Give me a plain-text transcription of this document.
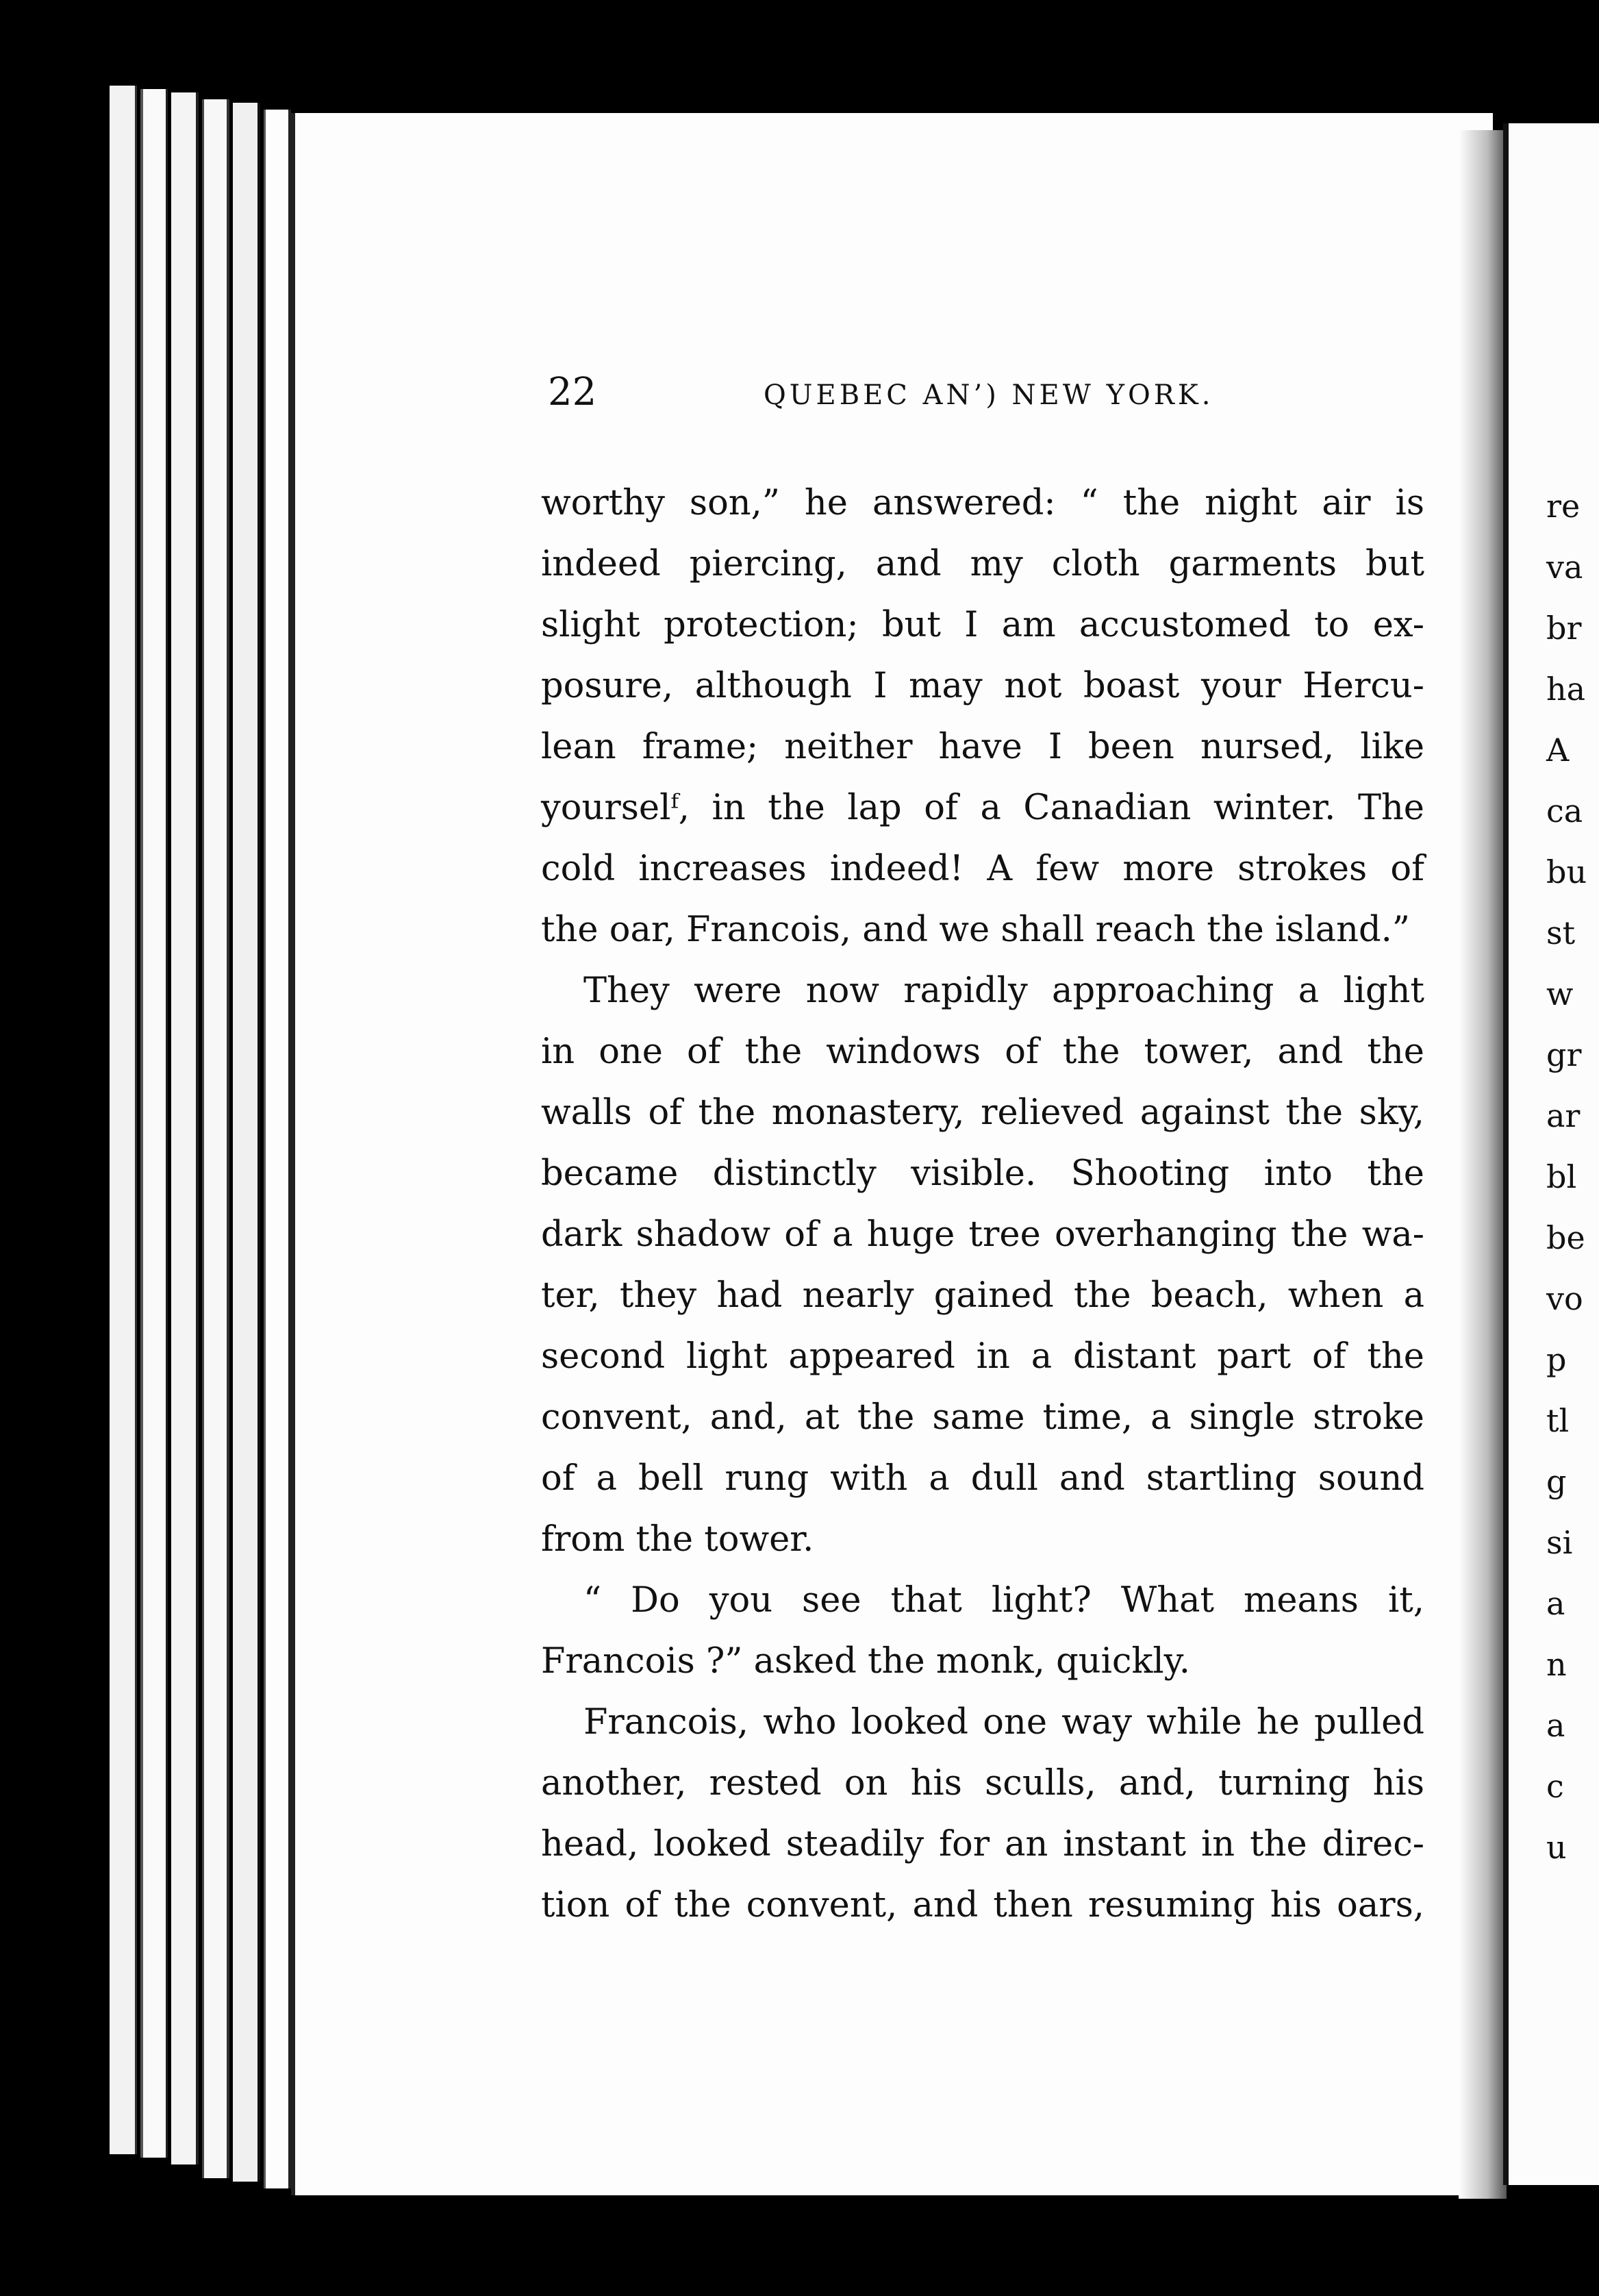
re
va
br
ha
A
ca
bu
st
w
gr
ar
bl
be
vo
p
tl
g
si
a
n
a
c
u
22	QUEBEC AN’) NEW YORK.
worthy son,” he answered: “ the night air is
indeed piercing, and my cloth garments but
slight protection; but I am accustomed to ex-
posure, although I may not boast your Hercu-
lean frame; neither have I been nursed, like
yourselᶠ, in the lap of a Canadian winter. The
cold increases indeed! A few more strokes of
the oar, Francois, and we shall reach the island.”
They were now rapidly approaching a light
in one of the windows of the tower, and the
walls of the monastery, relieved against the sky,
became distinctly visible. Shooting into the
dark shadow of a huge tree overhanging the wa-
ter, they had nearly gained the beach, when a
second light appeared in a distant part of the
convent, and, at the same time, a single stroke
of a bell rung with a dull and startling sound
from the tower.
“ Do you see that light? What means it,
Francois ?” asked the monk, quickly.
Francois, who looked one way while he pulled
another, rested on his sculls, and, turning his
head, looked steadily for an instant in the direc-
tion of the convent, and then resuming his oars,
